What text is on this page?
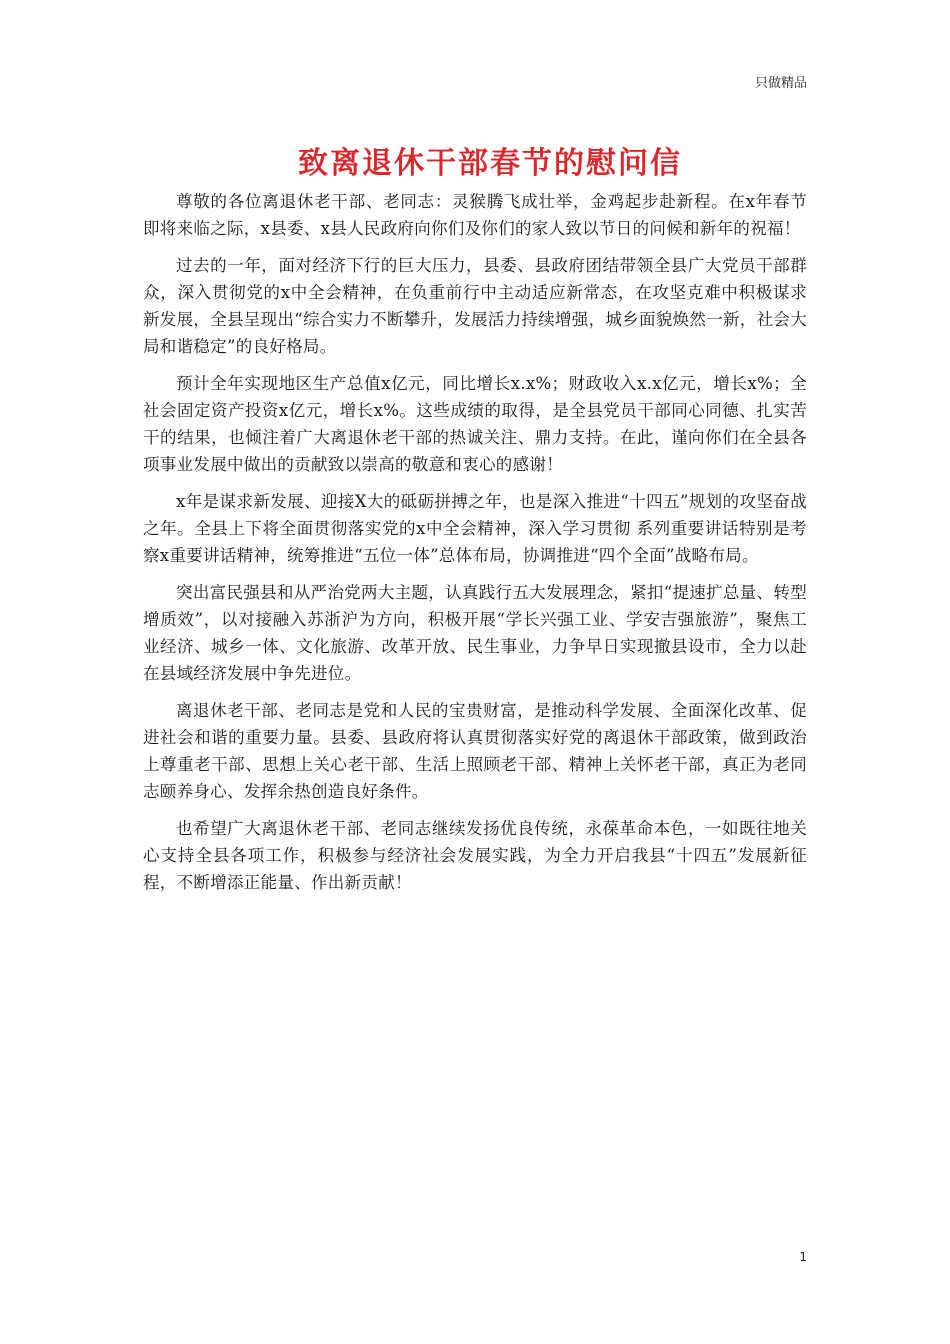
只做精品
致离退休干部春节的慰问信

尊敬的各位离退休老干部、老同志：灵猴腾飞成壮举，金鸡起步赴新程。在x年春节即将来临之际，x县委、x县人民政府向你们及你们的家人致以节日的问候和新年的祝福！

过去的一年，面对经济下行的巨大压力，县委、县政府团结带领全县广大党员干部群众，深入贯彻党的x中全会精神，在负重前行中主动适应新常态，在攻坚克难中积极谋求新发展，全县呈现出“综合实力不断攀升，发展活力持续增强，城乡面貌焕然一新，社会大局和谐稳定”的良好格局。

预计全年实现地区生产总值x亿元，同比增长x.x%；财政收入x.x亿元，增长x%；全社会固定资产投资x亿元，增长x%。这些成绩的取得，是全县党员干部同心同德、扎实苦干的结果，也倾注着广大离退休老干部的热诚关注、鼎力支持。在此，谨向你们在全县各项事业发展中做出的贡献致以崇高的敬意和衷心的感谢！

x年是谋求新发展、迎接X大的砥砺拼搏之年，也是深入推进“十四五”规划的攻坚奋战之年。全县上下将全面贯彻落实党的x中全会精神，深入学习贯彻 系列重要讲话特别是考察x重要讲话精神，统筹推进“五位一体”总体布局，协调推进“四个全面”战略布局。

突出富民强县和从严治党两大主题，认真践行五大发展理念，紧扣“提速扩总量、转型增质效”，以对接融入苏浙沪为方向，积极开展“学长兴强工业、学安吉强旅游”，聚焦工业经济、城乡一体、文化旅游、改革开放、民生事业，力争早日实现撤县设市，全力以赴在县域经济发展中争先进位。

离退休老干部、老同志是党和人民的宝贵财富，是推动科学发展、全面深化改革、促进社会和谐的重要力量。县委、县政府将认真贯彻落实好党的离退休干部政策，做到政治上尊重老干部、思想上关心老干部、生活上照顾老干部、精神上关怀老干部，真正为老同志颐养身心、发挥余热创造良好条件。

也希望广大离退休老干部、老同志继续发扬优良传统，永葆革命本色，一如既往地关心支持全县各项工作，积极参与经济社会发展实践，为全力开启我县“十四五”发展新征程，不断增添正能量、作出新贡献！

1
